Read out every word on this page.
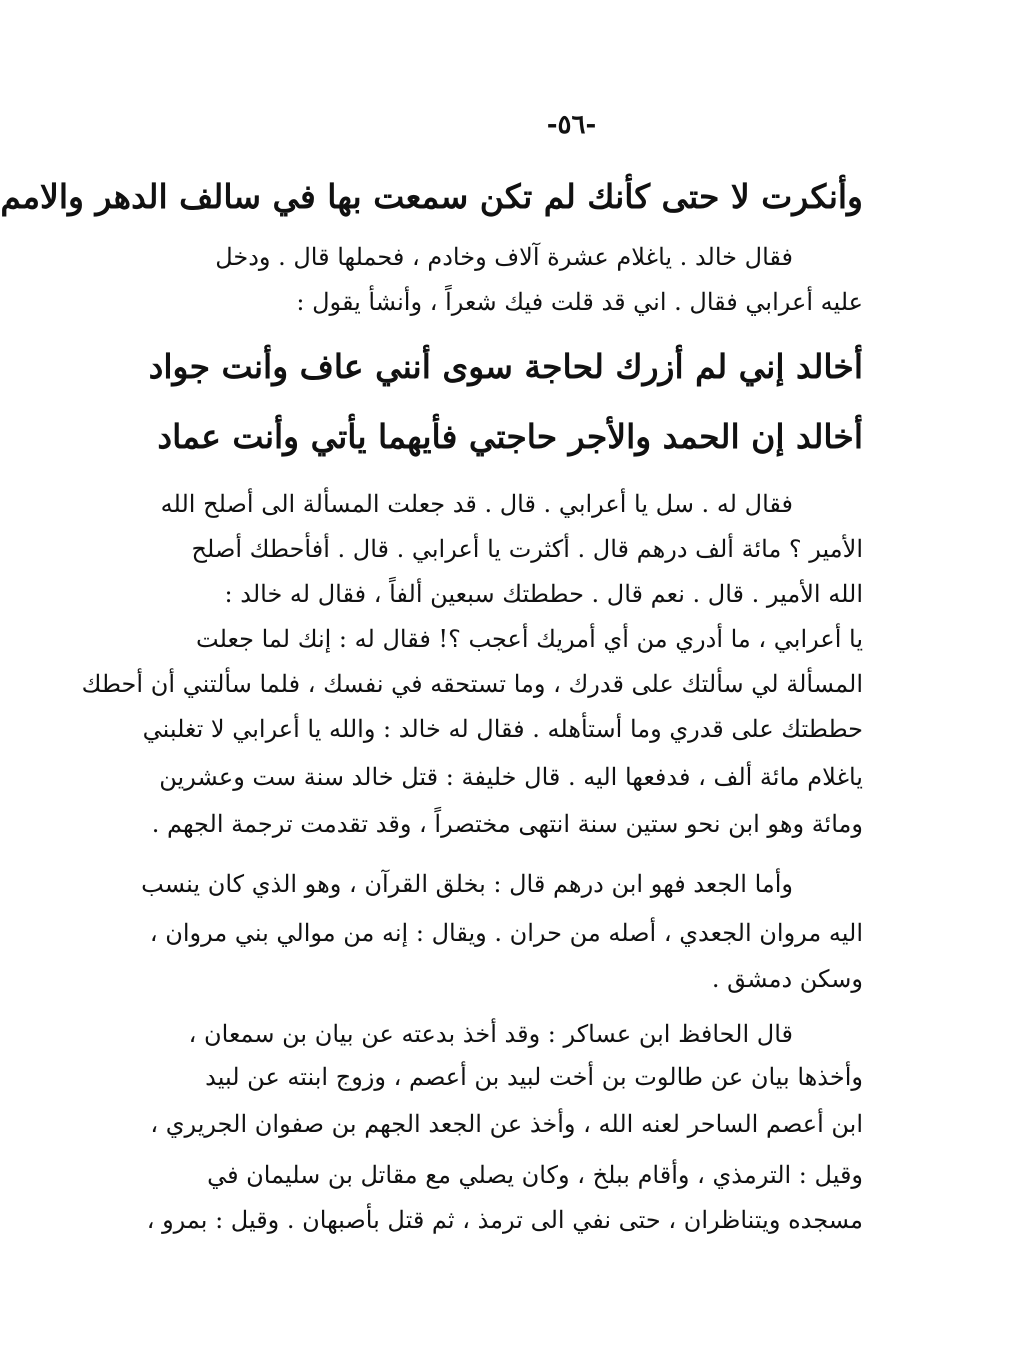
-٥٦-
وأنكرت لا حتى كأنك لم تكن سمعت بها في سالف الدهر والامم
فقال خالد . ياغلام عشرة آلاف وخادم ، فحملها قال . ودخل
عليه أعرابي فقال . اني قد قلت فيك شعراً ، وأنشأ يقول :
أخالد إني لم أزرك لحاجة سوى أنني عاف وأنت جواد
أخالد إن الحمد والأجر حاجتي فأيهما يأتي وأنت عماد
فقال له . سل يا أعرابي . قال . قد جعلت المسألة الى أصلح الله
الأمير ؟ مائة ألف درهم قال . أكثرت يا أعرابي . قال . أفأحطك أصلح
الله الأمير . قال . نعم قال . حططتك سبعين ألفاً ، فقال له خالد :
يا أعرابي ، ما أدري من أي أمريك أعجب ؟! فقال له : إنك لما جعلت
المسألة لي سألتك على قدرك ، وما تستحقه في نفسك ، فلما سألتني أن أحطك
حططتك على قدري وما أستأهله . فقال له خالد : والله يا أعرابي لا تغلبني
ياغلام مائة ألف ، فدفعها اليه . قال خليفة : قتل خالد سنة ست وعشرين
ومائة وهو ابن نحو ستين سنة انتهى مختصراً ، وقد تقدمت ترجمة الجهم .
وأما الجعد فهو ابن درهم قال : بخلق القرآن ، وهو الذي كان ينسب
اليه مروان الجعدي ، أصله من حران . ويقال : إنه من موالي بني مروان ،
وسكن دمشق .
قال الحافظ ابن عساكر : وقد أخذ بدعته عن بيان بن سمعان ،
وأخذها بيان عن طالوت بن أخت لبيد بن أعصم ، وزوج ابنته عن لبيد
ابن أعصم الساحر لعنه الله ، وأخذ عن الجعد الجهم بن صفوان الجريري ،
وقيل : الترمذي ، وأقام ببلخ ، وكان يصلي مع مقاتل بن سليمان في
مسجده ويتناظران ، حتى نفي الى ترمذ ، ثم قتل بأصبهان . وقيل : بمرو ،
